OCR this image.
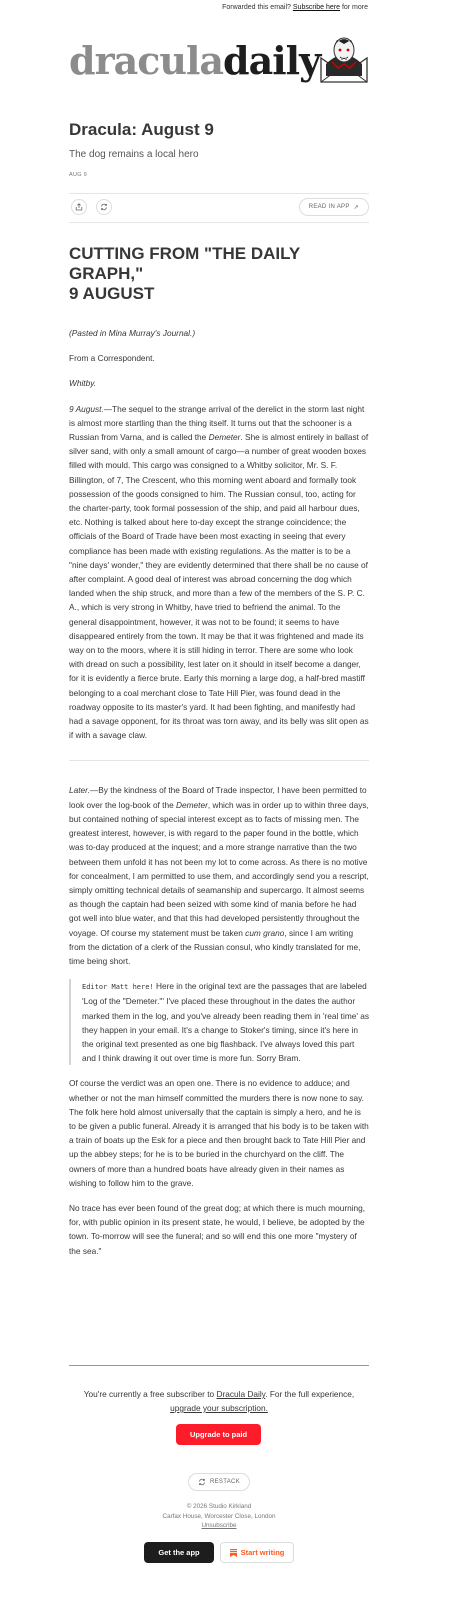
Forwarded this email? Subscribe here for more
dracula daily
Dracula: August 9
The dog remains a local hero
AUG 9
READ IN APP ↗
CUTTING FROM "THE DAILY GRAPH,"
9 AUGUST

(Pasted in Mina Murray's Journal.)

From a Correspondent.

Whitby.

9 August.—The sequel to the strange arrival of the derelict in the storm last night is almost more startling than the thing itself. It turns out that the schooner is a Russian from Varna, and is called the Demeter. She is almost entirely in ballast of silver sand, with only a small amount of cargo—a number of great wooden boxes filled with mould. This cargo was consigned to a Whitby solicitor, Mr. S. F. Billington, of 7, The Crescent, who this morning went aboard and formally took possession of the goods consigned to him. The Russian consul, too, acting for the charter-party, took formal possession of the ship, and paid all harbour dues, etc. Nothing is talked about here to-day except the strange coincidence; the officials of the Board of Trade have been most exacting in seeing that every compliance has been made with existing regulations. As the matter is to be a "nine days' wonder," they are evidently determined that there shall be no cause of after complaint. A good deal of interest was abroad concerning the dog which landed when the ship struck, and more than a few of the members of the S. P. C. A., which is very strong in Whitby, have tried to befriend the animal. To the general disappointment, however, it was not to be found; it seems to have disappeared entirely from the town. It may be that it was frightened and made its way on to the moors, where it is still hiding in terror. There are some who look with dread on such a possibility, lest later on it should in itself become a danger, for it is evidently a fierce brute. Early this morning a large dog, a half-bred mastiff belonging to a coal merchant close to Tate Hill Pier, was found dead in the roadway opposite to its master's yard. It had been fighting, and manifestly had had a savage opponent, for its throat was torn away, and its belly was slit open as if with a savage claw.

Later.—By the kindness of the Board of Trade inspector, I have been permitted to look over the log-book of the Demeter, which was in order up to within three days, but contained nothing of special interest except as to facts of missing men. The greatest interest, however, is with regard to the paper found in the bottle, which was to-day produced at the inquest; and a more strange narrative than the two between them unfold it has not been my lot to come across. As there is no motive for concealment, I am permitted to use them, and accordingly send you a rescript, simply omitting technical details of seamanship and supercargo. It almost seems as though the captain had been seized with some kind of mania before he had got well into blue water, and that this had developed persistently throughout the voyage. Of course my statement must be taken cum grano, since I am writing from the dictation of a clerk of the Russian consul, who kindly translated for me, time being short.

Editor Matt here! Here in the original text are the passages that are labeled 'Log of the "Demeter."' I've placed these throughout in the dates the author marked them in the log, and you've already been reading them in 'real time' as they happen in your email. It's a change to Stoker's timing, since it's here in the original text presented as one big flashback. I've always loved this part and I think drawing it out over time is more fun. Sorry Bram.

Of course the verdict was an open one. There is no evidence to adduce; and whether or not the man himself committed the murders there is now none to say. The folk here hold almost universally that the captain is simply a hero, and he is to be given a public funeral. Already it is arranged that his body is to be taken with a train of boats up the Esk for a piece and then brought back to Tate Hill Pier and up the abbey steps; for he is to be buried in the churchyard on the cliff. The owners of more than a hundred boats have already given in their names as wishing to follow him to the grave.

No trace has ever been found of the great dog; at which there is much mourning, for, with public opinion in its present state, he would, I believe, be adopted by the town. To-morrow will see the funeral; and so will end this one more "mystery of the sea."

You're currently a free subscriber to Dracula Daily. For the full experience, upgrade your subscription.
Upgrade to paid
RESTACK
© 2026 Studio Kirkland
Carfax House, Worcester Close, London
Unsubscribe
Get the app	Start writing
